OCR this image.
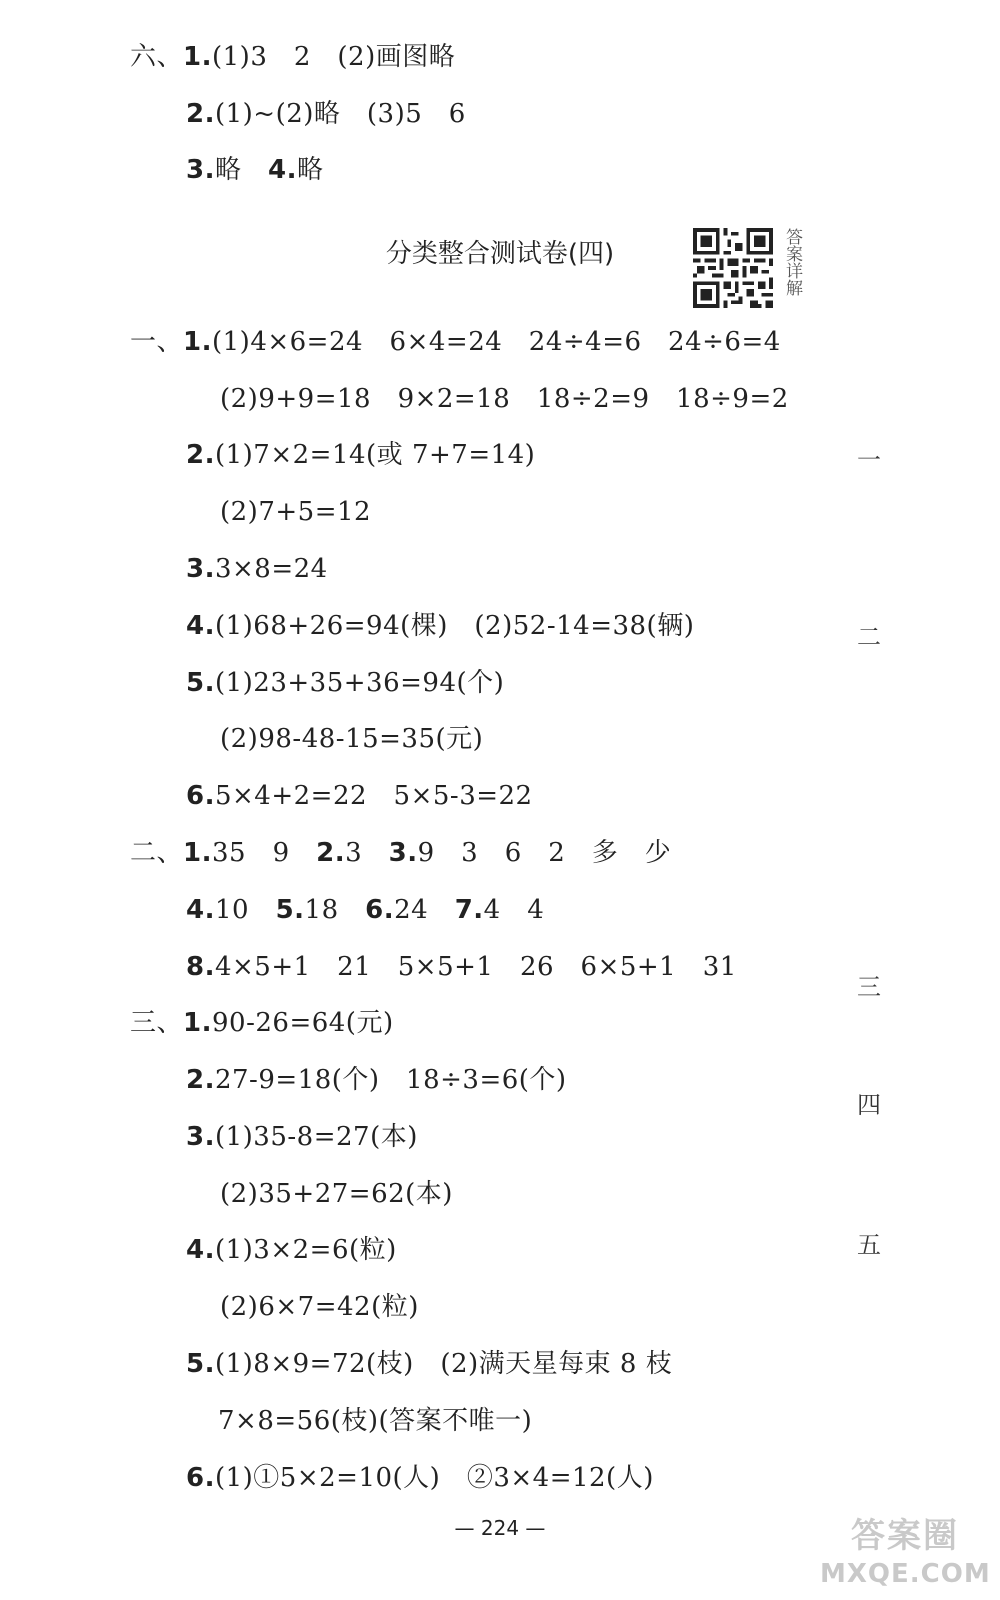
六、1.(1)3　2　(2)画图略
2.(1)~(2)略　(3)5　6
3.略　 4.略
分类整合测试卷(四)	答案详解
一、1.(1)4×6=24　6×4=24　24÷4=6　24÷6=4
(2)9+9=18　9×2=18　18÷2=9　18÷9=2
2.(1)7×2=14(或 7+7=14)
(2)7+5=12
3.3×8=24
4.(1)68+26=94(棵)　(2)52-14=38(辆)
5.(1)23+35+36=94(个)
(2)98-48-15=35(元)
6.5×4+2=22　5×5-3=22
二、1.35　9　2.3　3.9　3　6　2　多　少
4.10　5.18　6.24　7.4　4
8.4×5+1　21　5×5+1　26　6×5+1　31
三、1.90-26=64(元)
2.27-9=18(个)　18÷3=6(个)
3.(1)35-8=27(本)
(2)35+27=62(本)
4.(1)3×2=6(粒)
(2)6×7=42(粒)
5.(1)8×9=72(枝)　(2)满天星每束 8 枝
7×8=56(枝)(答案不唯一)
6.(1)①5×2=10(人)　②3×4=12(人)
一
二
三
四
五
— 224 —	答案圈
MXQE.COM
